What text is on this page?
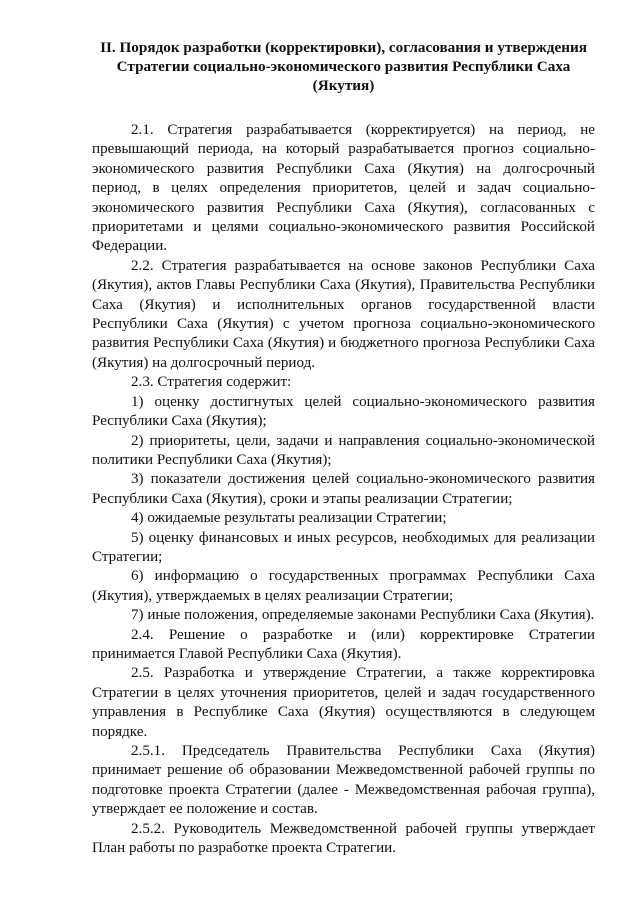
II. Порядок разработки (корректировки), согласования и утверждения
Стратегии социально-экономического развития Республики Саха
(Якутия)

2.1. Стратегия разрабатывается (корректируется) на период, не превышающий периода, на который разрабатывается прогноз социально-экономического развития Республики Саха (Якутия) на долгосрочный период, в целях определения приоритетов, целей и задач социально-экономического развития Республики Саха (Якутия), согласованных с приоритетами и целями социально-экономического развития Российской Федерации.

2.2. Стратегия разрабатывается на основе законов Республики Саха (Якутия), актов Главы Республики Саха (Якутия), Правительства Республики Саха (Якутия) и исполнительных органов государственной власти Республики Саха (Якутия) с учетом прогноза социально-экономического развития Республики Саха (Якутия) и бюджетного прогноза Республики Саха (Якутия) на долгосрочный период.

2.3. Стратегия содержит:

1) оценку достигнутых целей социально-экономического развития Республики Саха (Якутия);

2) приоритеты, цели, задачи и направления социально-экономической политики Республики Саха (Якутия);

3) показатели достижения целей социально-экономического развития Республики Саха (Якутия), сроки и этапы реализации Стратегии;

4) ожидаемые результаты реализации Стратегии;

5) оценку финансовых и иных ресурсов, необходимых для реализации Стратегии;

6) информацию о государственных программах Республики Саха (Якутия), утверждаемых в целях реализации Стратегии;

7) иные положения, определяемые законами Республики Саха (Якутия).

2.4. Решение о разработке и (или) корректировке Стратегии принимается Главой Республики Саха (Якутия).

2.5. Разработка и утверждение Стратегии, а также корректировка Стратегии в целях уточнения приоритетов, целей и задач государственного управления в Республике Саха (Якутия) осуществляются в следующем порядке.

2.5.1. Председатель Правительства Республики Саха (Якутия) принимает решение об образовании Межведомственной рабочей группы по подготовке проекта Стратегии (далее - Межведомственная рабочая группа), утверждает ее положение и состав.

2.5.2. Руководитель Межведомственной рабочей группы утверждает План работы по разработке проекта Стратегии.
